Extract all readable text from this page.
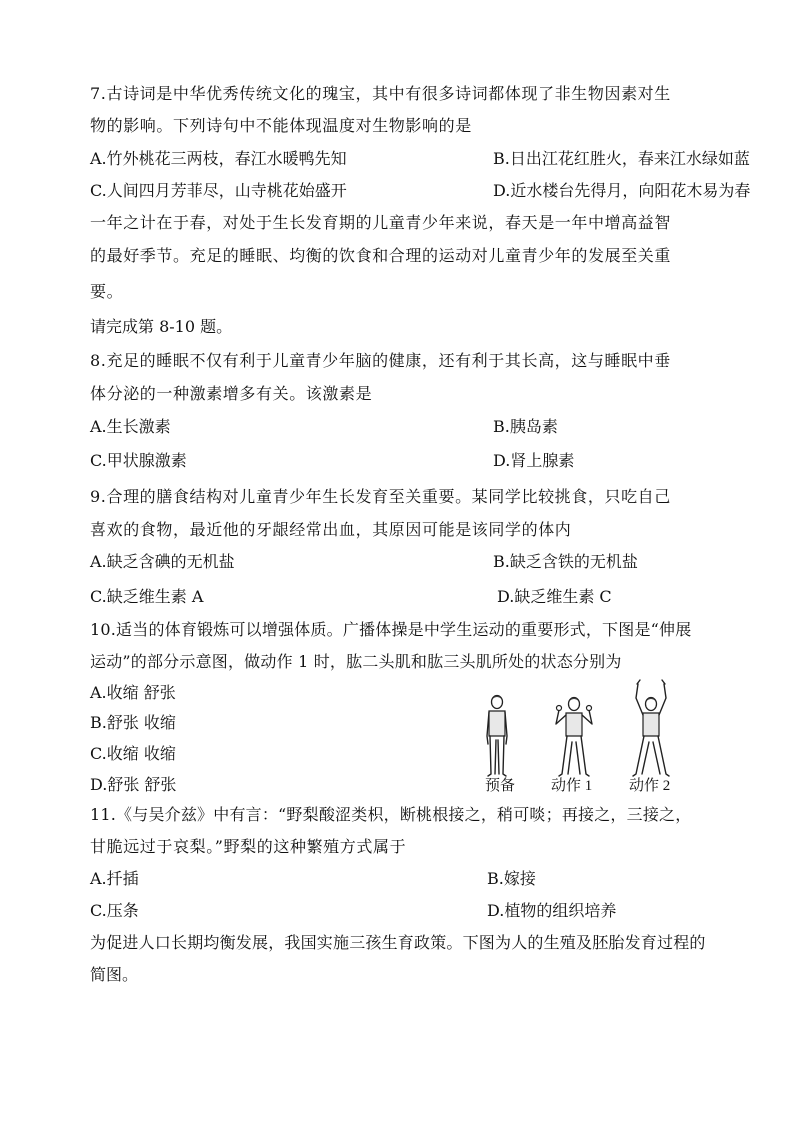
7.古诗词是中华优秀传统文化的瑰宝，其中有很多诗词都体现了非生物因素对生
物的影响。下列诗句中不能体现温度对生物影响的是
A.竹外桃花三两枝，春江水暖鸭先知	B.日出江花红胜火，春来江水绿如蓝
C.人间四月芳菲尽，山寺桃花始盛开	D.近水楼台先得月，向阳花木易为春
一年之计在于春，对处于生长发育期的儿童青少年来说，春天是一年中增高益智
的最好季节。充足的睡眠、均衡的饮食和合理的运动对儿童青少年的发展至关重
要。
请完成第 8-10 题。
8.充足的睡眠不仅有利于儿童青少年脑的健康，还有利于其长高，这与睡眠中垂
体分泌的一种激素增多有关。该激素是
A.生长激素	B.胰岛素
C.甲状腺激素	D.肾上腺素
9.合理的膳食结构对儿童青少年生长发育至关重要。某同学比较挑食，只吃自己
喜欢的食物，最近他的牙龈经常出血，其原因可能是该同学的体内
A.缺乏含碘的无机盐	B.缺乏含铁的无机盐
C.缺乏维生素 A	D.缺乏维生素 C
10.适当的体育锻炼可以增强体质。广播体操是中学生运动的重要形式，下图是“伸展
运动”的部分示意图，做动作 1 时，肱二头肌和肱三头肌所处的状态分别为
A.收缩 舒张
B.舒张 收缩
C.收缩 收缩
D.舒张 舒张	预备 动作 1 动作 2
11.《与吴介兹》中有言：“野梨酸涩类枳，断桃根接之，稍可啖；再接之，三接之，
甘脆远过于哀梨。”野梨的这种繁殖方式属于
A.扦插	B.嫁接
C.压条	D.植物的组织培养
为促进人口长期均衡发展，我国实施三孩生育政策。下图为人的生殖及胚胎发育过程的
简图。
